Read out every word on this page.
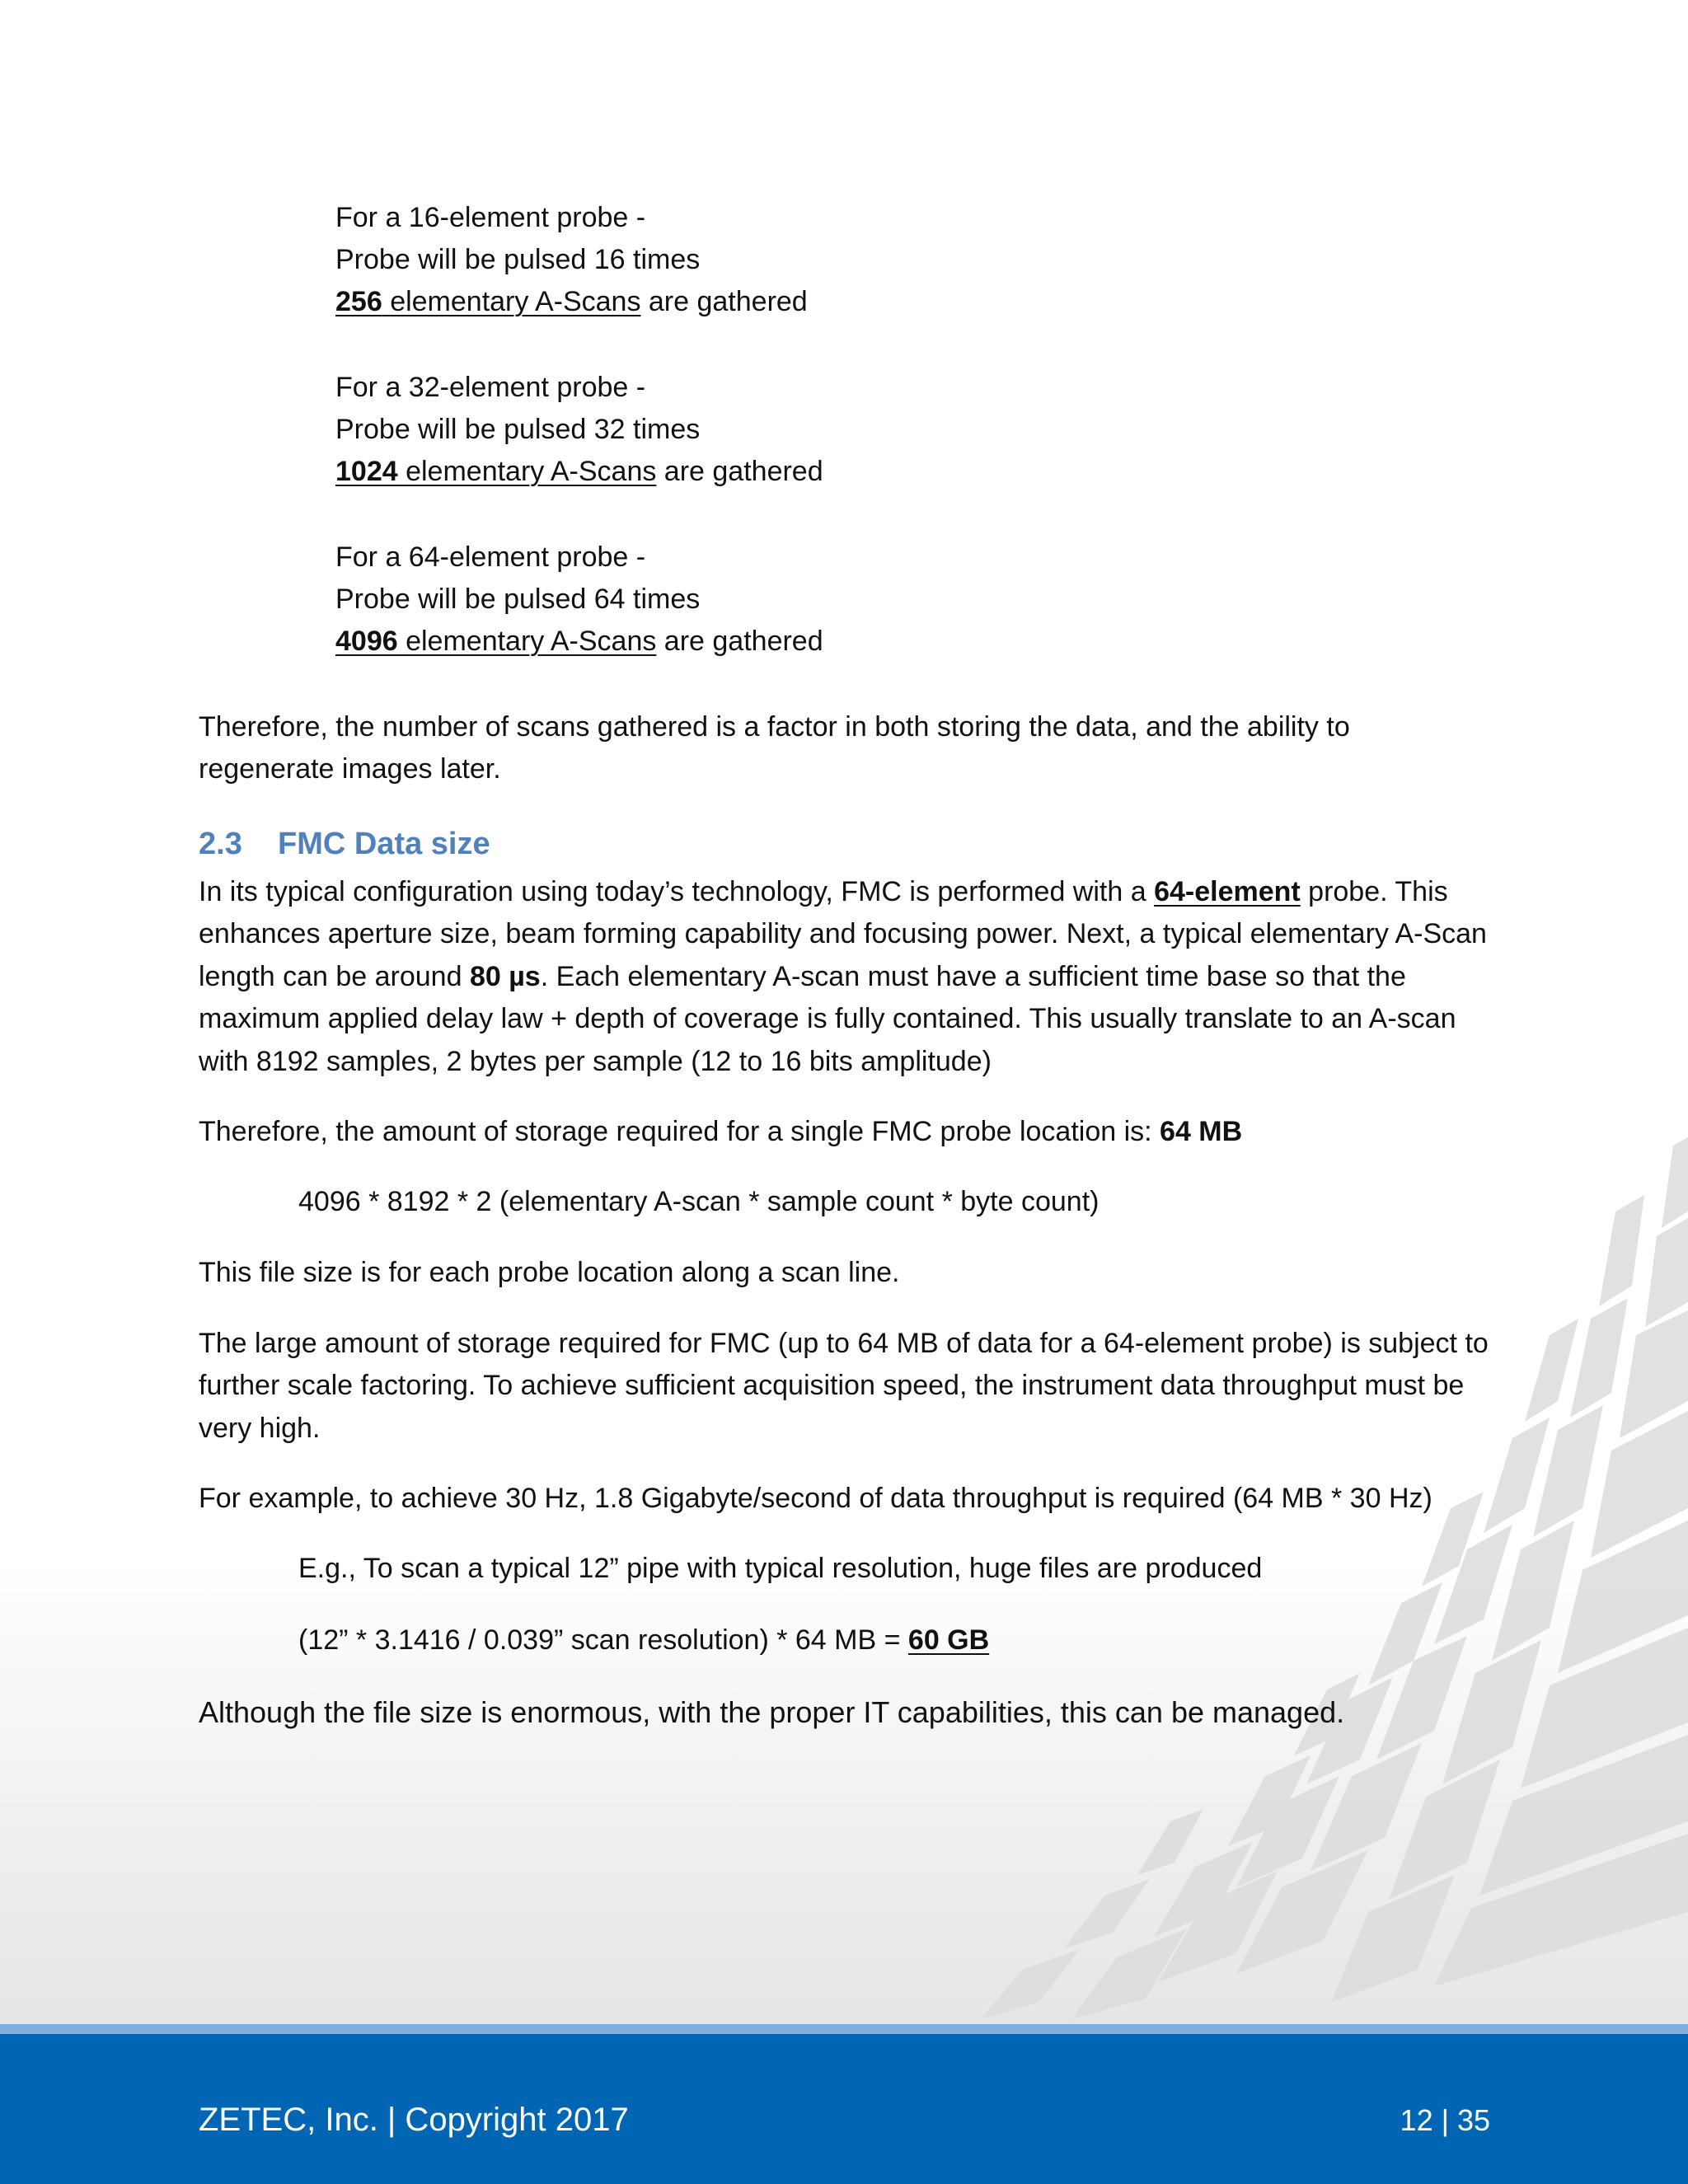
For a 16-element probe -
Probe will be pulsed 16 times
256 elementary A-Scans are gathered
For a 32-element probe -
Probe will be pulsed 32 times
1024 elementary A-Scans are gathered
For a 64-element probe -
Probe will be pulsed 64 times
4096 elementary A-Scans are gathered
Therefore, the number of scans gathered is a factor in both storing the data, and the ability to
regenerate images later.
2.3 FMC Data size
In its typical configuration using today’s technology, FMC is performed with a 64-element probe. This
enhances aperture size, beam forming capability and focusing power. Next, a typical elementary A-Scan
length can be around 80 µs. Each elementary A-scan must have a sufficient time base so that the
maximum applied delay law + depth of coverage is fully contained. This usually translate to an A-scan
with 8192 samples, 2 bytes per sample (12 to 16 bits amplitude)
Therefore, the amount of storage required for a single FMC probe location is: 64 MB
4096 * 8192 * 2 (elementary A-scan * sample count * byte count)
This file size is for each probe location along a scan line.
The large amount of storage required for FMC (up to 64 MB of data for a 64-element probe) is subject to
further scale factoring. To achieve sufficient acquisition speed, the instrument data throughput must be
very high.
For example, to achieve 30 Hz, 1.8 Gigabyte/second of data throughput is required (64 MB * 30 Hz)
E.g., To scan a typical 12” pipe with typical resolution, huge files are produced
(12” * 3.1416 / 0.039” scan resolution) * 64 MB = 60 GB
Although the file size is enormous, with the proper IT capabilities, this can be managed.
ZETEC, Inc. | Copyright 2017	12 | 35
